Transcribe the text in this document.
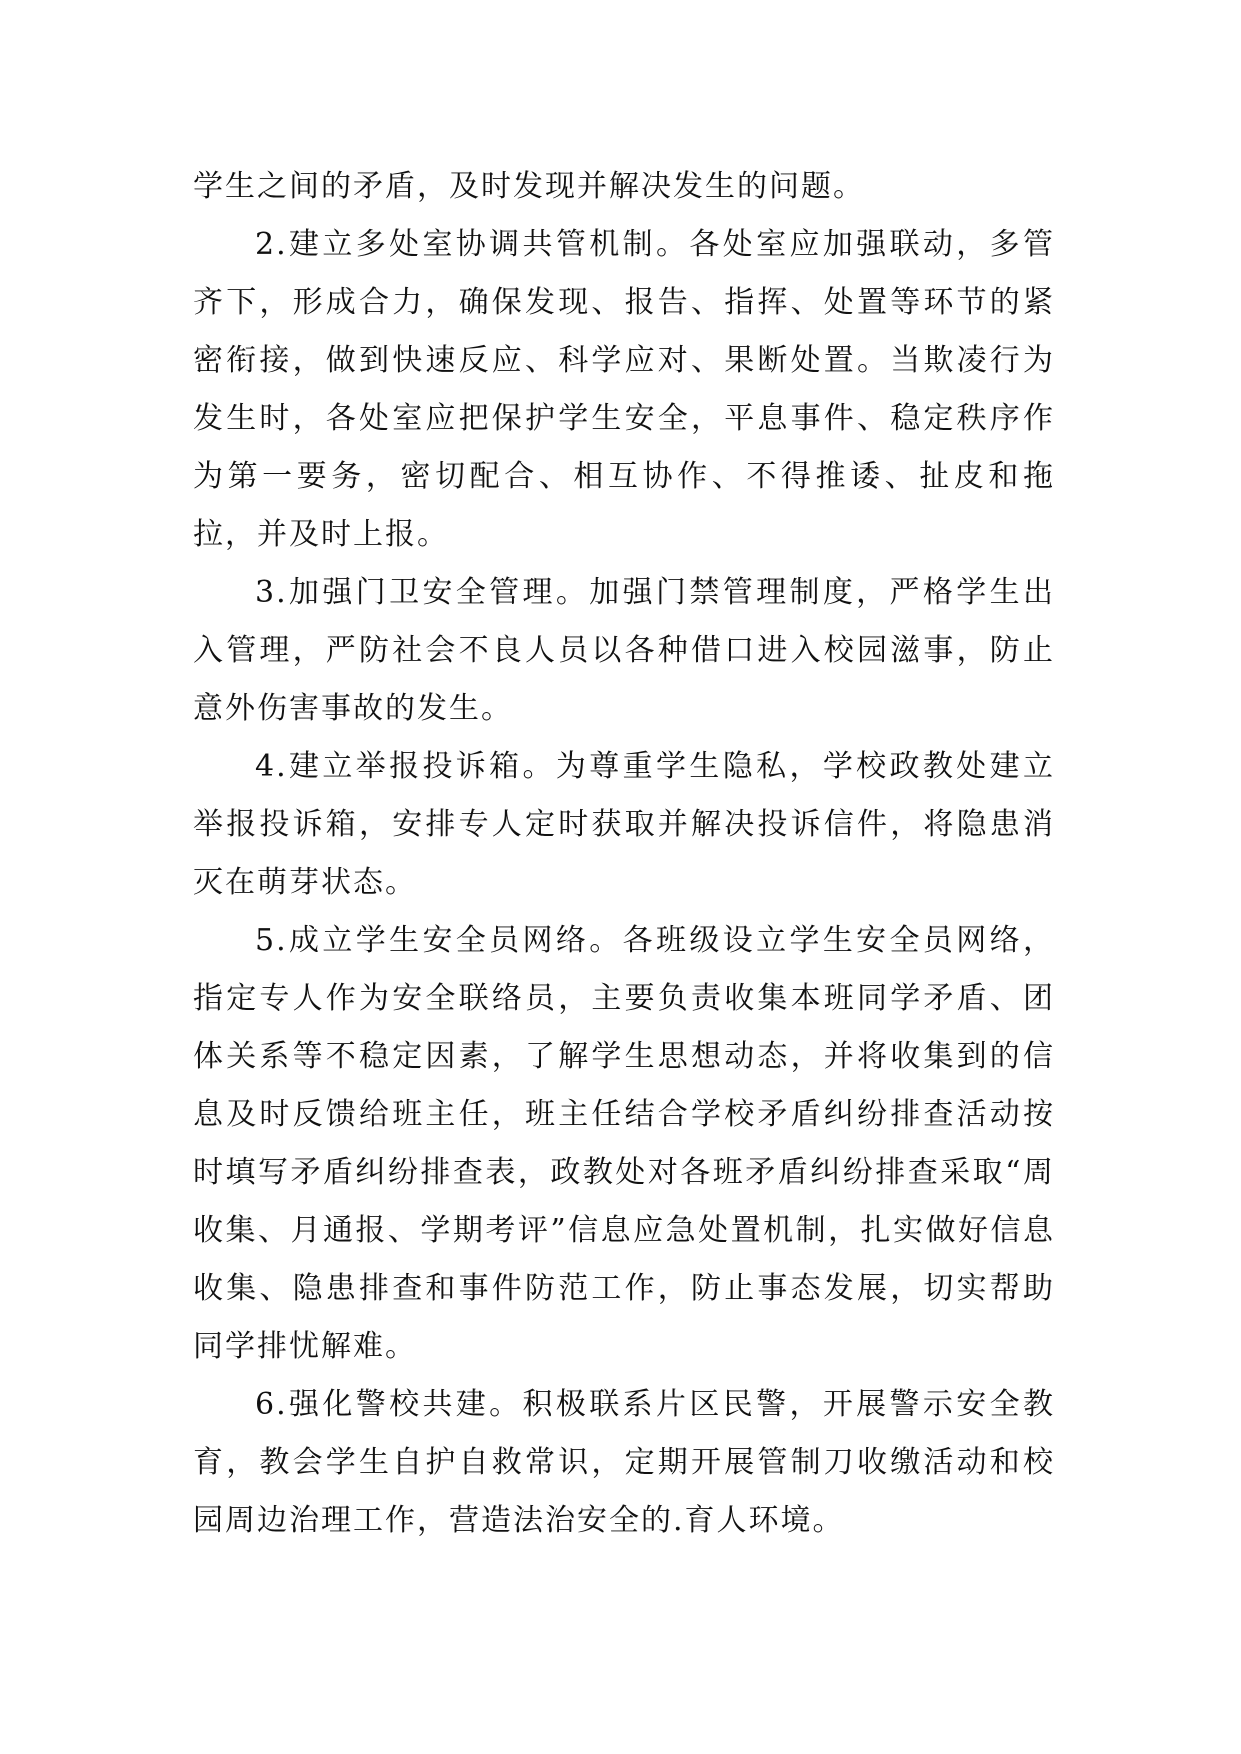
学生之间的矛盾，及时发现并解决发生的问题。

2.建立多处室协调共管机制。各处室应加强联动，多管齐下，形成合力，确保发现、报告、指挥、处置等环节的紧密衔接，做到快速反应、科学应对、果断处置。当欺凌行为发生时，各处室应把保护学生安全，平息事件、稳定秩序作为第一要务，密切配合、相互协作、不得推诿、扯皮和拖拉，并及时上报。

3.加强门卫安全管理。加强门禁管理制度，严格学生出入管理，严防社会不良人员以各种借口进入校园滋事，防止意外伤害事故的发生。

4.建立举报投诉箱。为尊重学生隐私，学校政教处建立举报投诉箱，安排专人定时获取并解决投诉信件，将隐患消灭在萌芽状态。

5.成立学生安全员网络。各班级设立学生安全员网络，指定专人作为安全联络员，主要负责收集本班同学矛盾、团体关系等不稳定因素，了解学生思想动态，并将收集到的信息及时反馈给班主任，班主任结合学校矛盾纠纷排查活动按时填写矛盾纠纷排查表，政教处对各班矛盾纠纷排查采取“周收集、月通报、学期考评”信息应急处置机制，扎实做好信息收集、隐患排查和事件防范工作，防止事态发展，切实帮助同学排忧解难。

6.强化警校共建。积极联系片区民警，开展警示安全教育，教会学生自护自救常识，定期开展管制刀收缴活动和校园周边治理工作，营造法治安全的.育人环境。
